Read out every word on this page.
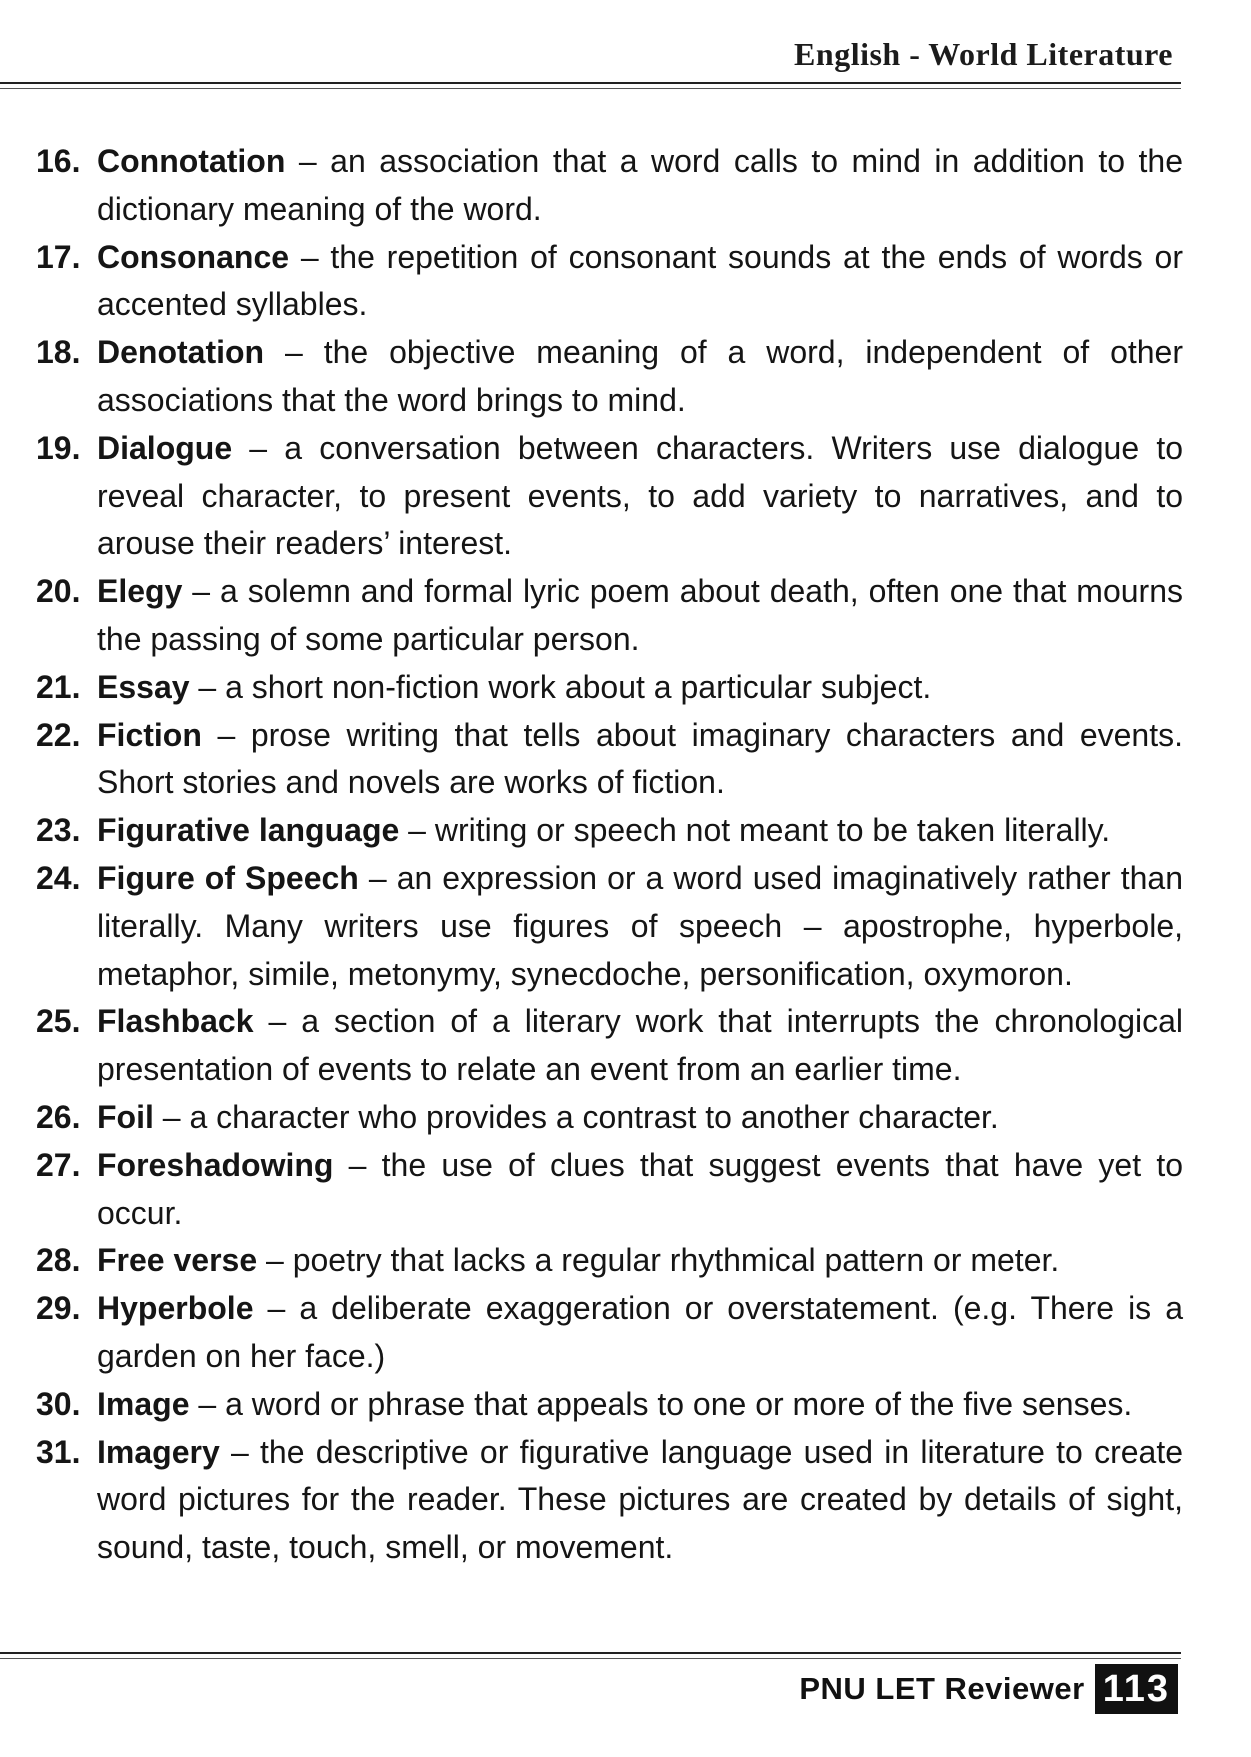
English - World Literature
16. Connotation – an association that a word calls to mind in addition to the dictionary meaning of the word.
17. Consonance – the repetition of consonant sounds at the ends of words or accented syllables.
18. Denotation – the objective meaning of a word, independent of other associations that the word brings to mind.
19. Dialogue – a conversation between characters. Writers use dialogue to reveal character, to present events, to add variety to narratives, and to arouse their readers’ interest.
20. Elegy – a solemn and formal lyric poem about death, often one that mourns the passing of some particular person.
21. Essay – a short non-fiction work about a particular subject.
22. Fiction – prose writing that tells about imaginary characters and events. Short stories and novels are works of fiction.
23. Figurative language – writing or speech not meant to be taken literally.
24. Figure of Speech – an expression or a word used imaginatively rather than literally. Many writers use figures of speech – apostrophe, hyperbole, metaphor, simile, metonymy, synecdoche, personification, oxymoron.
25. Flashback – a section of a literary work that interrupts the chronological presentation of events to relate an event from an earlier time.
26. Foil – a character who provides a contrast to another character.
27. Foreshadowing – the use of clues that suggest events that have yet to occur.
28. Free verse – poetry that lacks a regular rhythmical pattern or meter.
29. Hyperbole – a deliberate exaggeration or overstatement. (e.g. There is a garden on her face.)
30. Image – a word or phrase that appeals to one or more of the five senses.
31. Imagery – the descriptive or figurative language used in literature to create word pictures for the reader. These pictures are created by details of sight, sound, taste, touch, smell, or movement.
PNU LET Reviewer 113
